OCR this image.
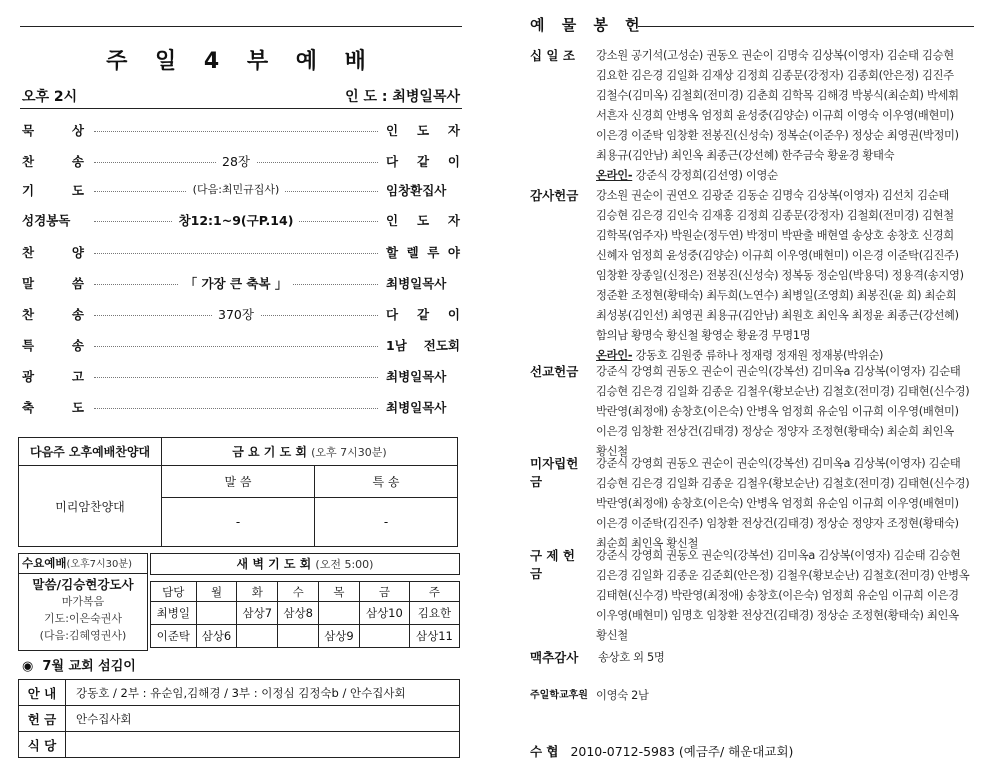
주 일 4 부 예 배
오후 2시	인 도 : 최병일목사
묵 상	인 도 자
찬 송	28장	다 같 이
기 도	(다음:최민규집사)	임창환집사
성경봉독	창12:1~9(구P.14)	인 도 자
찬 양	할 렐 루 야
말 씀	「 가장 큰 축복 」	최병일목사
찬 송	370장	다 같 이
특 송	1남 전도회
광 고	최병일목사
축 도	최병일목사
다음주 오후예배찬양대	금 요 기 도 회 (오후 7시30분)	
미리암찬양대	말 씀	특 송
	-	-
수요예배(오후7시30분)
말씀/김승현강도사
마가복음
기도:이은숙권사
(다음:김혜영권사)
새 벽 기 도 회 (오전 5:00)
담당	월	화	수	목	금	주
최병일		삼상7	삼상8		삼상10	김요한
이준탁	삼상6			삼상9		삼상11
◉ 7월 교회 섬김이
안 내	강동호 / 2부 : 유순임,김해경 / 3부 : 이정심 김정숙b / 안수집사회
헌 금	안수집사회
식 당	
예 물 봉 헌
십 일 조	강소원 공기석(고성순) 권동오 권순이 김명숙 김상복(이영자) 김순태 김승현
김요한 김은경 김일화 김재상 김정희 김종문(강정자) 김종회(안은정) 김진주
김철수(김미옥) 김철회(전미경) 김춘희 김학목 김해경 박봉식(최순희) 박세휘
서흔자 신경희 안병옥 엄정희 윤성중(김양순) 이규희 이영숙 이우영(배현미)
이은경 이준탁 임창환 전봉진(신성숙) 정복순(이준우) 정상순 최영권(박정미)
최용규(김안남) 최인옥 최종근(강선혜) 한주금숙 황윤경 황태숙
온라인- 강준식 강정희(김선영) 이영순
감사헌금	강소원 권순이 권연오 김광준 김동순 김명숙 김상복(이영자) 김선치 김순태
김승현 김은경 김인숙 김재홍 김정희 김종문(강정자) 김철회(전미경) 김현철
김학목(엄주자) 박원순(정두연) 박정미 박판출 배현열 송상호 송창호 신경희
신혜자 엄정희 윤성중(김양순) 이규희 이우영(배현미) 이은경 이준탁(김진주)
임창환 장종일(신정은) 전봉진(신성숙) 정복동 정순임(박용덕) 정용격(송지영)
정준환 조정현(황태숙) 최두희(노연수) 최병일(조영희) 최봉진(윤 희) 최순희
최성봉(김인선) 최영권 최용규(김안남) 최원호 최인옥 최정윤 최종근(강선혜)
함의남 황명숙 황신철 황영순 황윤경 무명1명
온라인- 강동호 김원중 류하나 정재령 정재원 정재봉(박위순)
선교헌금	강준식 강영희 권동오 권순이 권순익(강복선) 김미옥a 김상복(이영자) 김순태
김승현 김은경 김일화 김종운 김철우(황보순난) 김철호(전미경) 김태현(신수경)
박란영(최정애) 송창호(이은숙) 안병옥 엄정희 유순임 이규희 이우영(배현미)
이은경 임창환 전상건(김태경) 정상순 정양자 조정현(황태숙) 최순희 최인옥
황신철
미자립헌금
강준식 강영희 권동오 권순이 권순익(강복선) 김미옥a 김상복(이영자) 김순태
김승현 김은경 김일화 김종운 김철우(황보순난) 김철호(전미경) 김태현(신수경)
박란영(최정애) 송창호(이은숙) 안병옥 엄정희 유순임 이규희 이우영(배현미)
이은경 이준탁(김진주) 임창환 전상건(김태경) 정상순 정양자 조정현(황태숙)
최순희 최인옥 황신철
구 제 헌 금
강준식 강영희 권동오 권순익(강복선) 김미옥a 김상복(이영자) 김순태 김승현
김은경 김일화 김종운 김준회(안은정) 김철우(황보순난) 김철호(전미경) 안병옥
김태현(신수경) 박란영(최정애) 송창호(이은숙) 엄정희 유순임 이규희 이은경
이우영(배현미) 임명호 임창환 전상건(김태경) 정상순 조정현(황태숙) 최인옥
황신철
맥추감사	송상호 외 5명
주일학교후원 이영숙 2남
수 협 2010-0712-5983 (예금주/ 해운대교회)
